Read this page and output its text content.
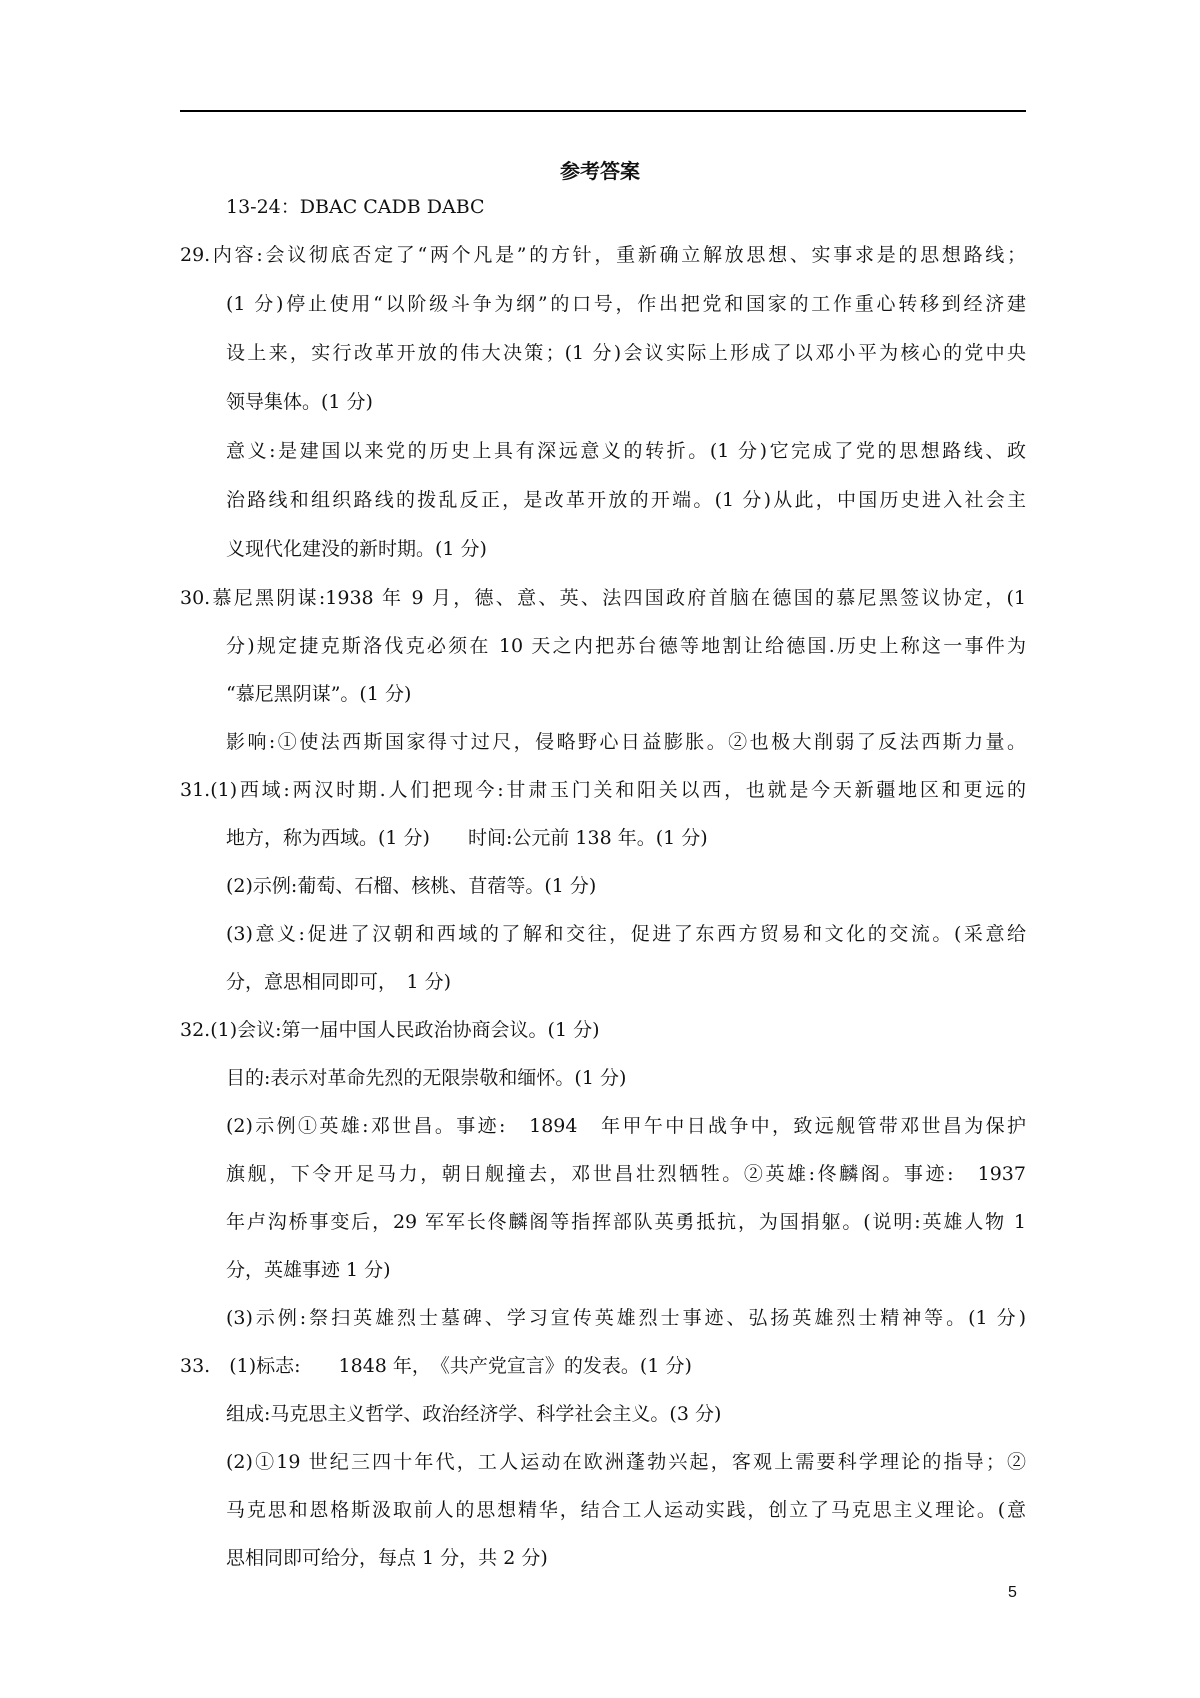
参考答案
13-24：DBAC CADB DABC
29.内容:会议彻底否定了“两个凡是”的方针，重新确立解放思想、实事求是的思想路线；
(1 分)停止使用“以阶级斗争为纲”的口号，作出把党和国家的工作重心转移到经济建
设上来，实行改革开放的伟大决策；(1 分)会议实际上形成了以邓小平为核心的党中央
领导集体。(1 分)
意义:是建国以来党的历史上具有深远意义的转折。(1 分)它完成了党的思想路线、政
治路线和组织路线的拨乱反正，是改革开放的开端。(1 分)从此，中国历史进入社会主
义现代化建没的新时期。(1 分)
30.慕尼黑阴谋:1938 年 9 月，德、意、英、法四国政府首脑在德国的慕尼黑签议协定，(1
分)规定捷克斯洛伐克必须在 10 天之内把苏台德等地割让给德国.历史上称这一事件为
“慕尼黑阴谋”。(1 分)
影响:①使法西斯国家得寸过尺，侵略野心日益膨胀。②也极大削弱了反法西斯力量。
31.(1)西域:两汉时期.人们把现今:甘肃玉门关和阳关以西，也就是今天新疆地区和更远的
地方，称为西域。(1 分)　　时间:公元前 138 年。(1 分)
(2)示例:葡萄、石榴、核桃、苜蓿等。(1 分)
(3)意义:促进了汉朝和西域的了解和交往，促进了东西方贸易和文化的交流。(采意给
分，意思相同即可，　1 分)
32.(1)会议:第一届中国人民政治协商会议。(1 分)
目的:表示对革命先烈的无限崇敬和缅怀。(1 分)
(2)示例①英雄:邓世昌。事迹:　1894　年甲午中日战争中，致远舰管带邓世昌为保护
旗舰，下令开足马力，朝日舰撞去，邓世昌壮烈牺牲。②英雄:佟麟阁。事迹:　1937
年卢沟桥事变后，29 军军长佟麟阁等指挥部队英勇抵抗，为国捐躯。(说明:英雄人物 1
分，英雄事迹 1 分)
(3)示例:祭扫英雄烈士墓碑、学习宣传英雄烈士事迹、弘扬英雄烈士精神等。(1 分)
33.　(1)标志:　　1848 年，　《共产党宣言》的发表。(1 分)
组成:马克思主义哲学、政治经济学、科学社会主义。(3 分)
(2)①19 世纪三四十年代，工人运动在欧洲蓬勃兴起，客观上需要科学理论的指导；②
马克思和恩格斯汲取前人的思想精华，结合工人运动实践，创立了马克思主义理论。(意
思相同即可给分，每点 1 分，共 2 分)
5
